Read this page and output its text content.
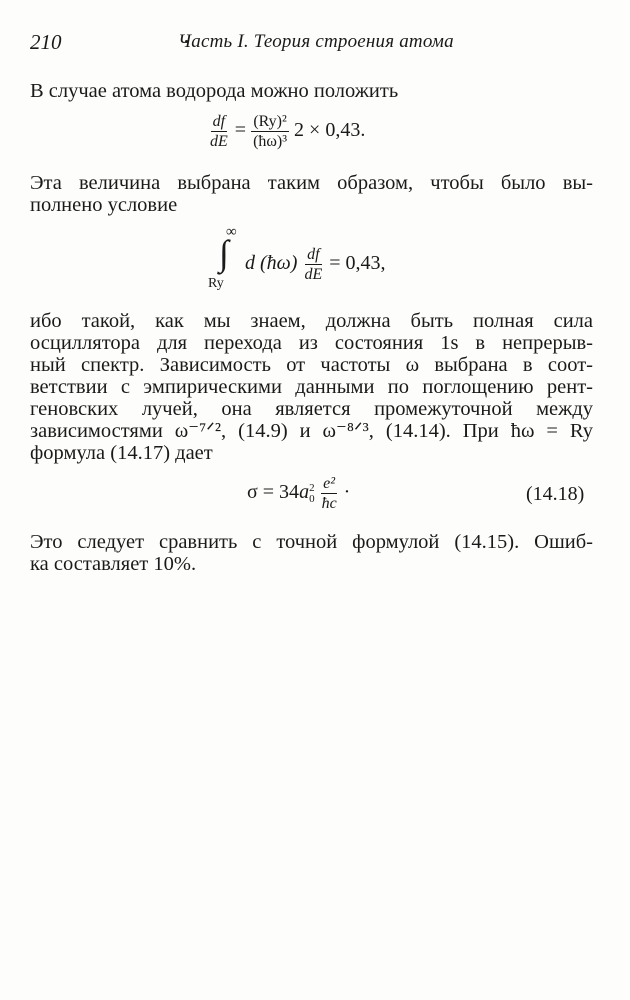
210	Часть I. Теория строения атома
В случае атома водорода можно положить
$\frac{df}{dE} = \frac{\text{(Ry)²}}{\text{(ħω)³}} 2 \times 0,43$.
Эта величина выбрана таким образом, чтобы было вы-
полнено условие
∞
∫
Ry
d (ħω) $\frac{df}{dE} = 0,43$,
ибо такой, как мы знаем, должна быть полная сила
осциллятора для перехода из состояния 1s в непрерыв-
ный спектр. Зависимость от частоты ω выбрана в соот-
ветствии с эмпирическими данными по поглощению рент-
геновских лучей, она является промежуточной между
зависимостями ω⁻⁷ᐟ², (14.9) и ω⁻⁸ᐟ³, (14.14). При ħω = Ry
формула (14.17) дает
σ = 34a 2
0
$\frac{\text{e²}}{ħc}$ ·	(14.18)
Это следует сравнить с точной формулой (14.15). Ошиб-
ка составляет 10%.
